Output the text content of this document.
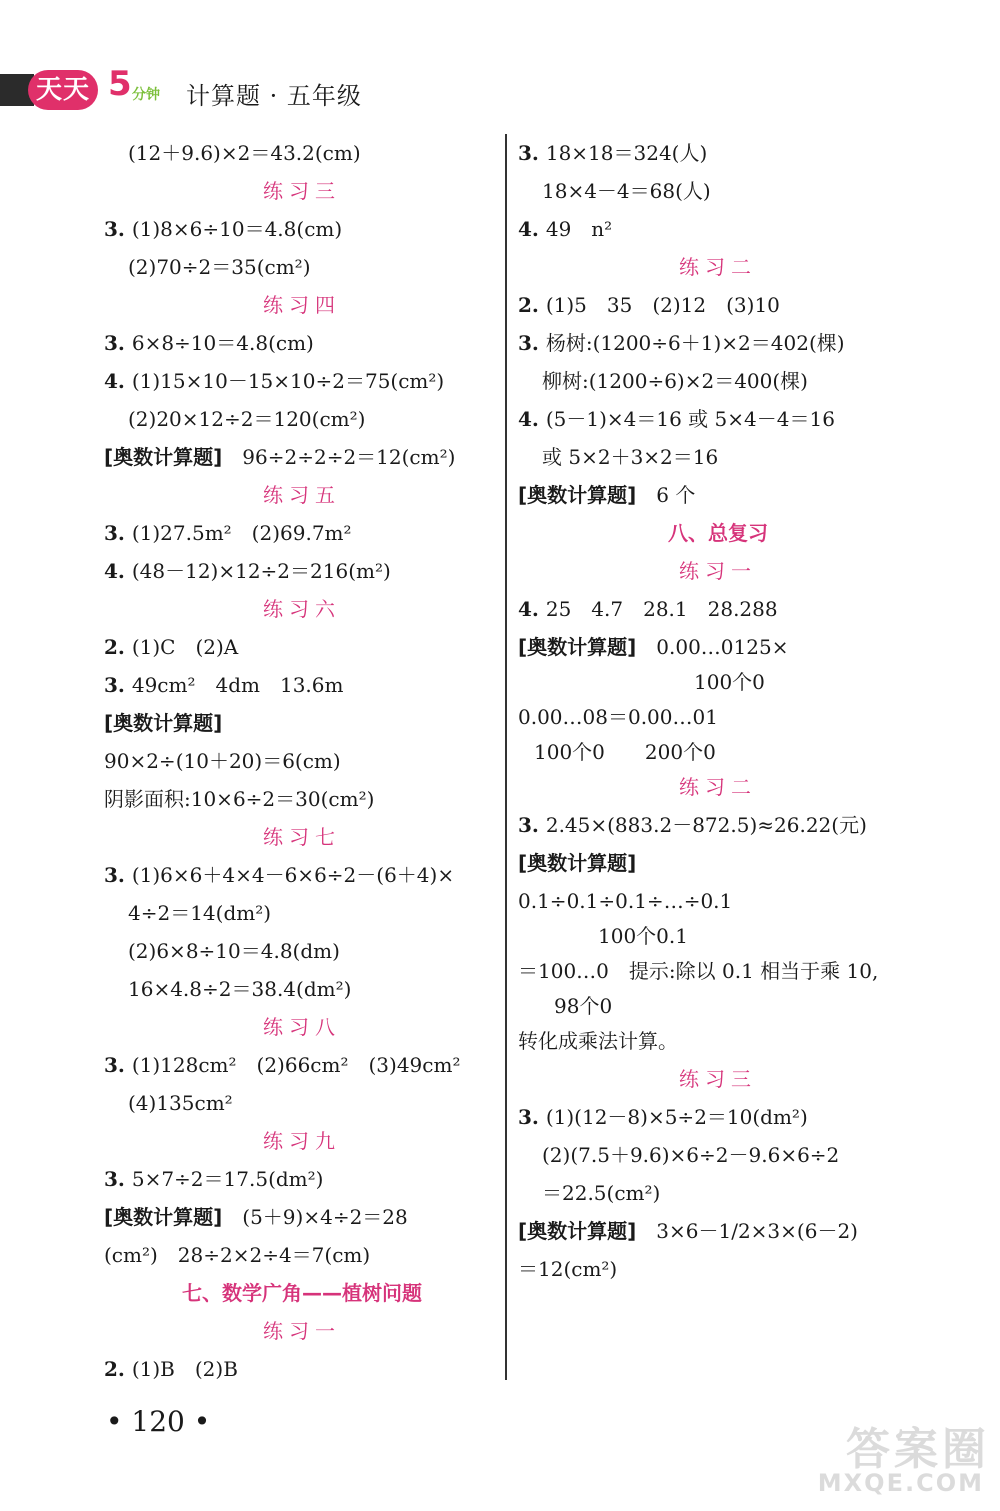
天天 5 分钟 计算题 · 五年级
(12＋9.6)×2＝43.2(cm)
练习三
3. (1)8×6÷10＝4.8(cm)
(2)70÷2＝35(cm²)
练习四
3. 6×8÷10＝4.8(cm)
4. (1)15×10－15×10÷2＝75(cm²)
(2)20×12÷2＝120(cm²)
[奥数计算题]　96÷2÷2÷2＝12(cm²)
练习五
3. (1)27.5m²　(2)69.7m²
4. (48－12)×12÷2＝216(m²)
练习六
2. (1)C　(2)A
3. 49cm²　4dm　13.6m
[奥数计算题]
90×2÷(10＋20)＝6(cm)
阴影面积:10×6÷2＝30(cm²)
练习七
3. (1)6×6＋4×4－6×6÷2－(6＋4)×
4÷2＝14(dm²)
(2)6×8÷10＝4.8(dm)
16×4.8÷2＝38.4(dm²)
练习八
3. (1)128cm²　(2)66cm²　(3)49cm²
(4)135cm²
练习九
3. 5×7÷2＝17.5(dm²)
[奥数计算题]　(5＋9)×4÷2＝28
(cm²)　28÷2×2÷4＝7(cm)
七、数学广角——植树问题
练习一
2. (1)B　(2)B
3. 18×18＝324(人)
18×4－4＝68(人)
4. 49　n²
练习二
2. (1)5　35　(2)12　(3)10
3. 杨树:(1200÷6＋1)×2＝402(棵)
柳树:(1200÷6)×2＝400(棵)
4. (5－1)×4＝16 或 5×4－4＝16
或 5×2＋3×2＝16
[奥数计算题]　6 个
八、总复习
练习一
4. 25　4.7　28.1　28.288
[奥数计算题]　0.00…0125×
100个0
0.00…08＝0.00…01
100个0　　200个0
练习二
3. 2.45×(883.2－872.5)≈26.22(元)
[奥数计算题]
0.1÷0.1÷0.1÷…÷0.1
100个0.1
＝100…0　提示:除以 0.1 相当于乘 10,
98个0
转化成乘法计算。
练习三
3. (1)(12－8)×5÷2＝10(dm²)
(2)(7.5＋9.6)×6÷2－9.6×6÷2
＝22.5(cm²)
[奥数计算题]　3×6－1/2×3×(6－2)
＝12(cm²)
• 120 •
答案圈
MXQE.COM
